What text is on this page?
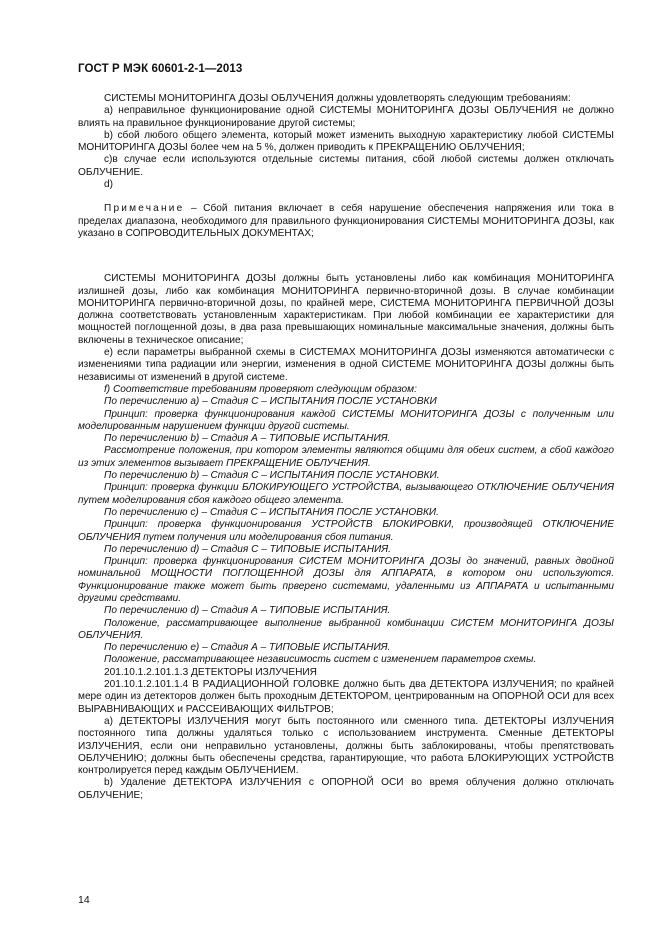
ГОСТ Р МЭК 60601-2-1—2013

СИСТЕМЫ МОНИТОРИНГА ДОЗЫ ОБЛУЧЕНИЯ должны удовлетворять следующим требованиям:

а) неправильное функционирование одной СИСТЕМЫ МОНИТОРИНГА ДОЗЫ ОБЛУЧЕНИЯ не должно влиять на правильное функционирование другой системы;

b) сбой любого общего элемента, который может изменить выходную характеристику любой СИСТЕМЫ МОНИТОРИНГА ДОЗЫ более чем на 5 %, должен приводить к ПРЕКРАЩЕНИЮ ОБЛУЧЕНИЯ;

c)в случае если используются отдельные системы питания, сбой любой системы должен отключать ОБЛУЧЕНИЕ.

d)

Примечание – Сбой питания включает в себя нарушение обеспечения напряжения или тока в пределах диапазона, необходимого для правильного функционирования СИСТЕМЫ МОНИТОРИНГА ДОЗЫ, как указано в СОПРОВОДИТЕЛЬНЫХ ДОКУМЕНТАХ;

СИСТЕМЫ МОНИТОРИНГА ДОЗЫ должны быть установлены либо как комбинация МОНИТОРИНГА излишней дозы, либо как комбинация МОНИТОРИНГА первично-вторичной дозы. В случае комбинации МОНИТОРИНГА первично-вторичной дозы, по крайней мере, СИСТЕМА МОНИТОРИНГА ПЕРВИЧНОЙ ДОЗЫ должна соответствовать установленным характеристикам. При любой комбинации ее характеристики для мощностей поглощенной дозы, в два раза превышающих номинальные максимальные значения, должны быть включены в техническое описание;

e) если параметры выбранной схемы в СИСТЕМАХ МОНИТОРИНГА ДОЗЫ изменяются автоматически с изменениями типа радиации или энергии, изменения в одной СИСТЕМЕ МОНИТОРИНГА ДОЗЫ должны быть независимы от изменений в другой системе.

f) Соответствие требованиям проверяют следующим образом:

По перечислению а) – Стадия С – ИСПЫТАНИЯ ПОСЛЕ УСТАНОВКИ

Принцип: проверка функционирования каждой СИСТЕМЫ МОНИТОРИНГА ДОЗЫ с полученным или моделированным нарушением функции другой системы.

По перечислению b) – Стадия А – ТИПОВЫЕ ИСПЫТАНИЯ.

Рассмотрение положения, при котором элементы являются общими для обеих систем, а сбой каждого из этих элементов вызывает ПРЕКРАЩЕНИЕ ОБЛУЧЕНИЯ.

По перечислению b) – Стадия С – ИСПЫТАНИЯ ПОСЛЕ УСТАНОВКИ.

Принцип: проверка функции БЛОКИРУЮЩЕГО УСТРОЙСТВА, вызывающего ОТКЛЮЧЕНИЕ ОБЛУЧЕНИЯ путем моделирования сбоя каждого общего элемента.

По перечислению с) – Стадия С – ИСПЫТАНИЯ ПОСЛЕ УСТАНОВКИ.

Принцип: проверка функционирования УСТРОЙСТВ БЛОКИРОВКИ, производящей ОТКЛЮЧЕНИЕ ОБЛУЧЕНИЯ путем получения или моделирования сбоя питания.

По перечислению d) – Стадия С – ТИПОВЫЕ ИСПЫТАНИЯ.

Принцип: проверка функционирования СИСТЕМ МОНИТОРИНГА ДОЗЫ до значений, равных двойной номинальной МОЩНОСТИ ПОГЛОЩЕННОЙ ДОЗЫ для АППАРАТА, в котором они используются. Функционирование также может быть прверено системами, удаленными из АППАРАТА и испытанными другими средствами.

По перечислению d) – Стадия А – ТИПОВЫЕ ИСПЫТАНИЯ.

Положение, рассматривающее выполнение выбранной комбинации СИСТЕМ МОНИТОРИНГА ДОЗЫ ОБЛУЧЕНИЯ.

По перечислению е) – Стадия А – ТИПОВЫЕ ИСПЫТАНИЯ.

Положение, рассматривающее независимость систем с изменением параметров схемы.

201.10.1.2.101.1.3 ДЕТЕКТОРЫ ИЗЛУЧЕНИЯ

201.10.1.2.101.1.4 В РАДИАЦИОННОЙ ГОЛОВКЕ должно быть два ДЕТЕКТОРА ИЗЛУЧЕНИЯ; по крайней мере один из детекторов должен быть проходным ДЕТЕКТОРОМ, центрированным на ОПОРНОЙ ОСИ для всех ВЫРАВНИВАЮЩИХ и РАССЕИВАЮЩИХ ФИЛЬТРОВ;

а) ДЕТЕКТОРЫ ИЗЛУЧЕНИЯ могут быть постоянного или сменного типа. ДЕТЕКТОРЫ ИЗЛУЧЕНИЯ постоянного типа должны удаляться только с использованием инструмента. Сменные ДЕТЕКТОРЫ ИЗЛУЧЕНИЯ, если они неправильно установлены, должны быть заблокированы, чтобы препятствовать ОБЛУЧЕНИЮ; должны быть обеспечены средства, гарантирующие, что работа БЛОКИРУЮЩИХ УСТРОЙСТВ контролируется перед каждым ОБЛУЧЕНИЕМ.

b) Удаление ДЕТЕКТОРА ИЗЛУЧЕНИЯ с ОПОРНОЙ ОСИ во время облучения должно отключать ОБЛУЧЕНИЕ;

14
